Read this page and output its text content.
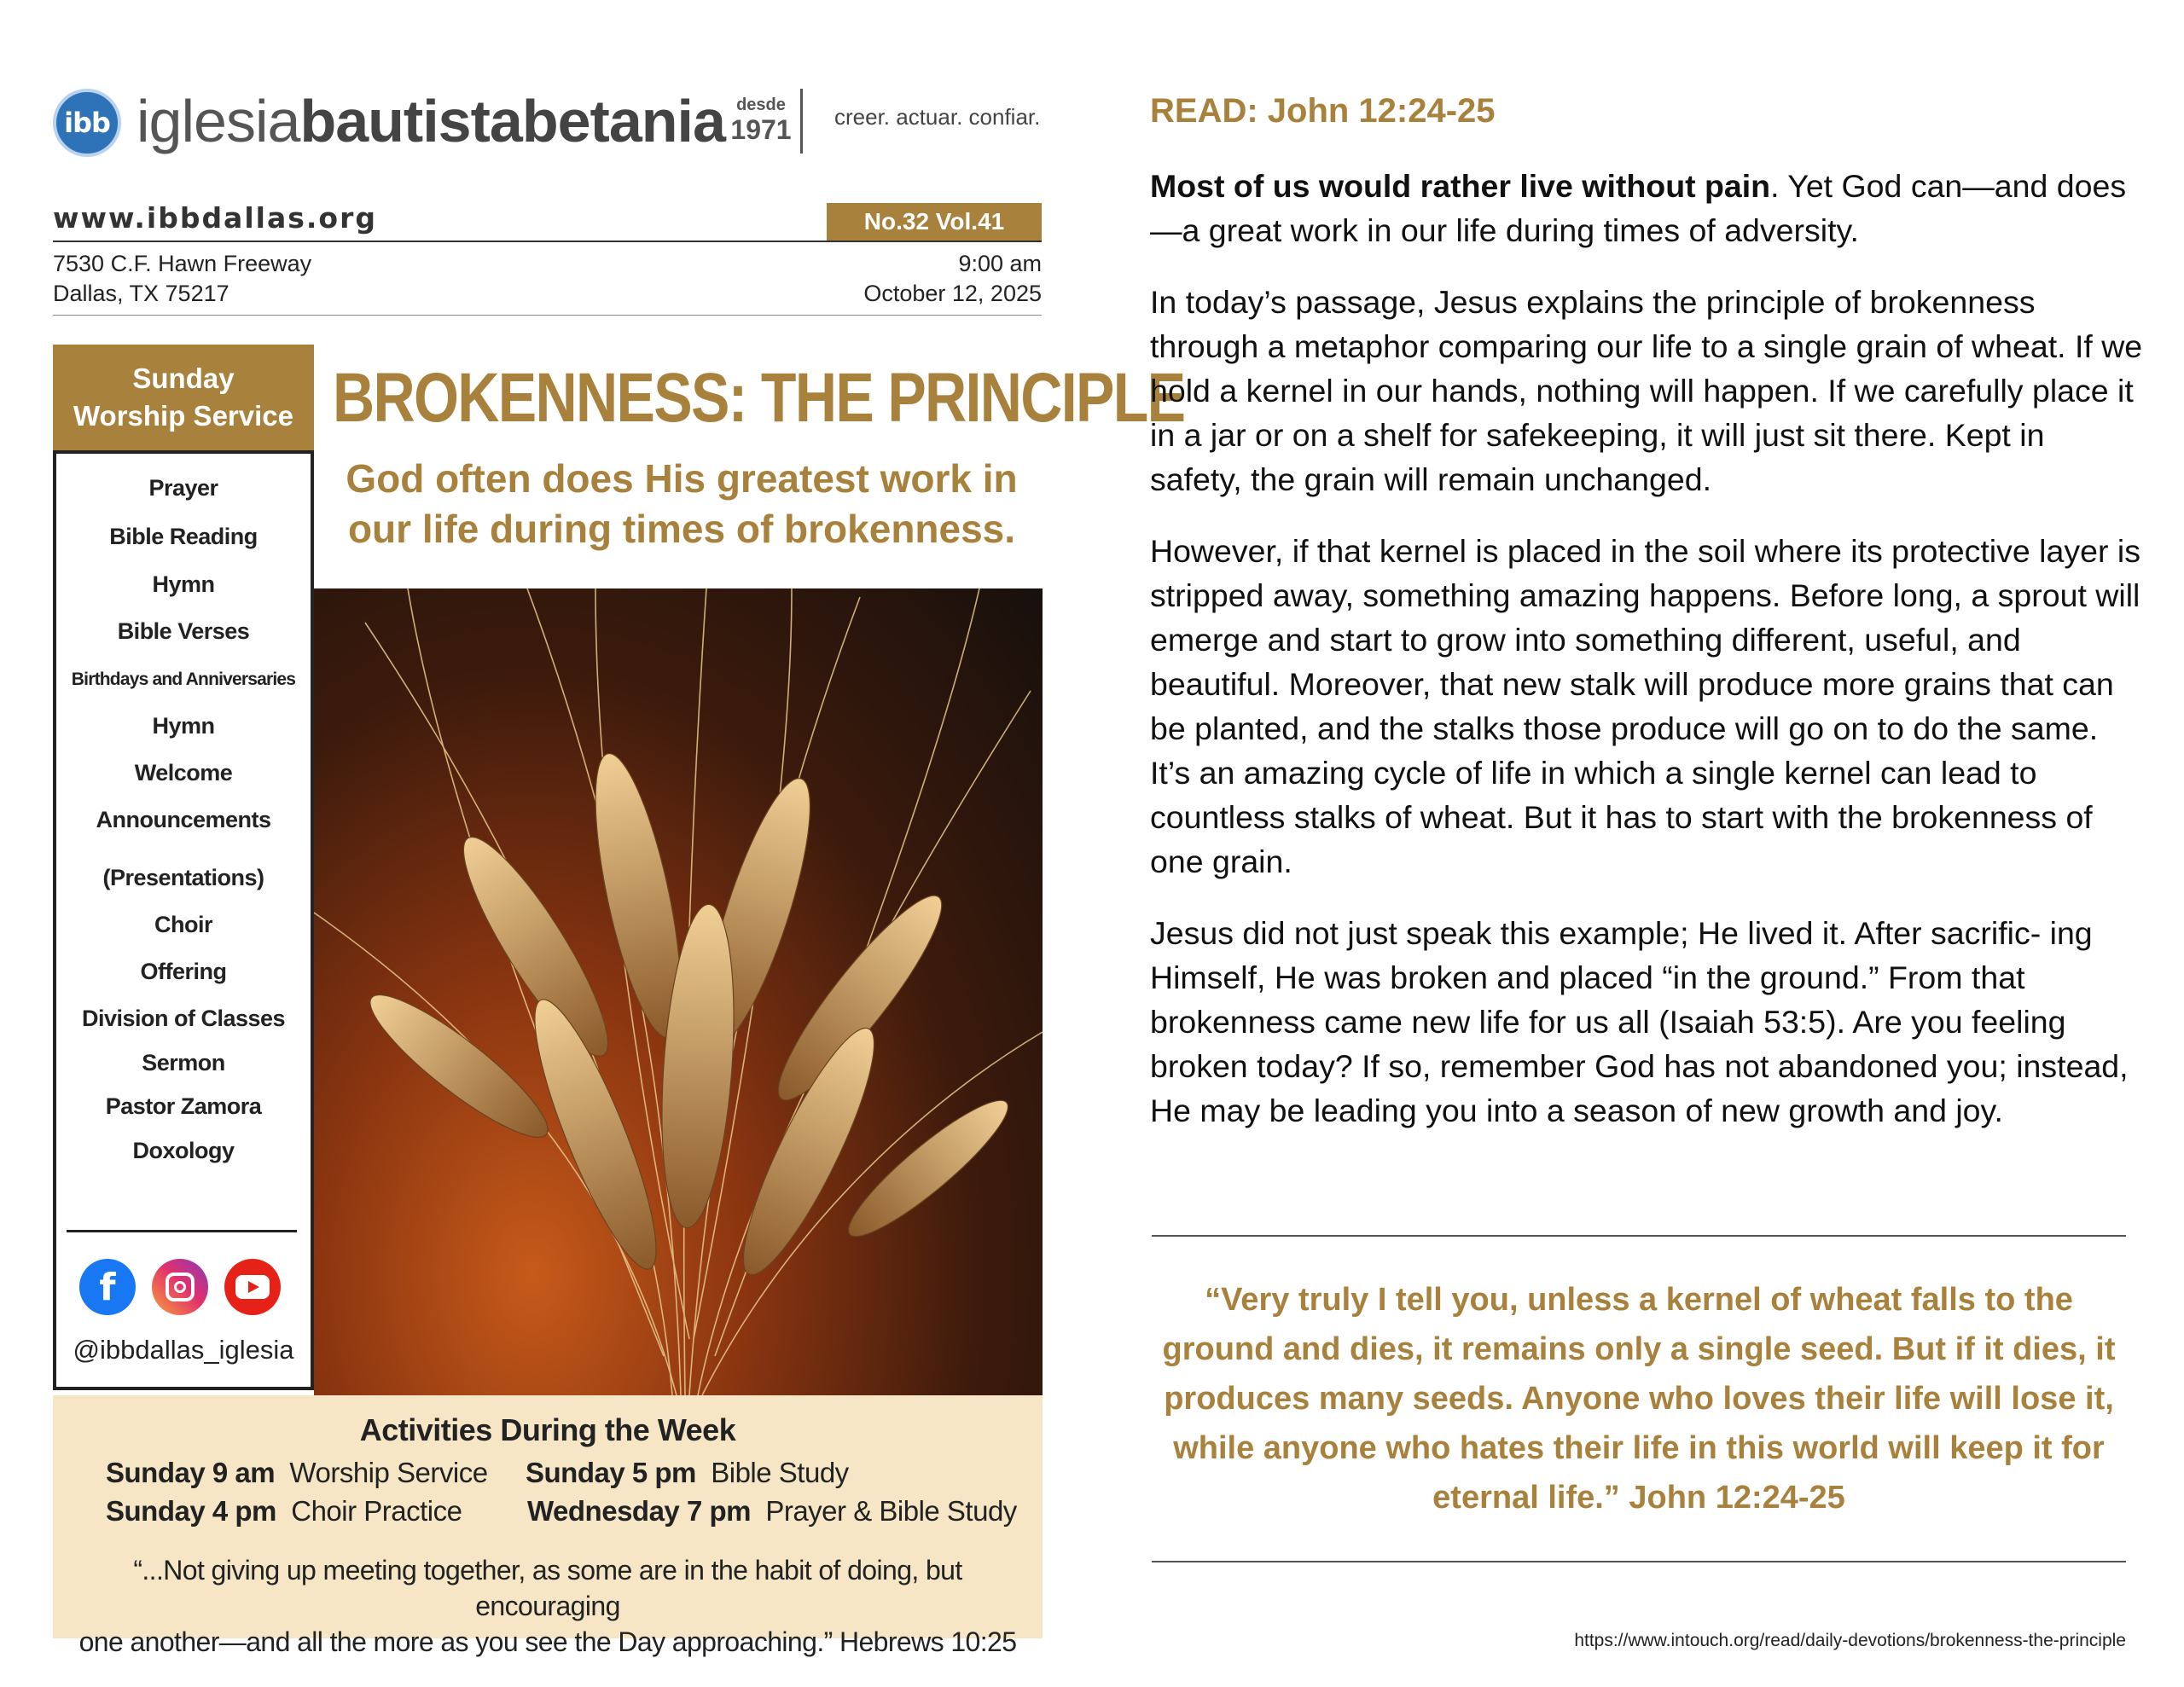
ibb iglesiabautistabetania desde
1971 creer. actuar. confiar.
www.ibbdallas.org	No.32 Vol.41
7530 C.F. Hawn Freeway
Dallas, TX 75217
9:00 am
October 12, 2025
Sunday
Worship Service
Prayer
Bible Reading
Hymn
Bible Verses
Birthdays and Anniversaries
Hymn
Welcome
Announcements
(Presentations)
Choir
Offering
Division of Classes
Sermon
Pastor Zamora
Doxology
f
@ibbdallas_iglesia
BROKENNESS: THE PRINCIPLE
God often does His greatest work in
our life during times of brokenness.
Activities During the Week
Sunday 9 am Worship Service
Sunday 4 pm Choir Practice
Sunday 5 pm Bible Study
Wednesday 7 pm Prayer & Bible Study
“...Not giving up meeting together, as some are in the habit of doing, but encouraging
one another—and all the more as you see the Day approaching.” Hebrews 10:25
READ: John 12:24-25
Most of us would rather live without pain. Yet God can—and does—a great work in our life during times of adversity.
In today’s passage, Jesus explains the principle of brokenness through a metaphor comparing our life to a single grain of wheat. If we hold a kernel in our hands, nothing will happen. If we carefully place it in a jar or on a shelf for safekeeping, it will just sit there. Kept in safety, the grain will remain unchanged.
However, if that kernel is placed in the soil where its protective layer is stripped away, something amazing happens. Before long, a sprout will emerge and start to grow into something different, useful, and beautiful. Moreover, that new stalk will produce more grains that can be planted, and the stalks those produce will go on to do the same. It’s an amazing cycle of life in which a single kernel can lead to countless stalks of wheat. But it has to start with the brokenness of one grain.
Jesus did not just speak this example; He lived it. After sacrific- ing Himself, He was broken and placed “in the ground.” From that brokenness came new life for us all (Isaiah 53:5). Are you feeling broken today? If so, remember God has not abandoned you; instead, He may be leading you into a season of new growth and joy.
“Very truly I tell you, unless a kernel of wheat falls to the ground and dies, it remains only a single seed. But if it dies, it produces many seeds. Anyone who loves their life will lose it, while anyone who hates their life in this world will keep it for eternal life.” John 12:24-25
https://www.intouch.org/read/daily-devotions/brokenness-the-principle
